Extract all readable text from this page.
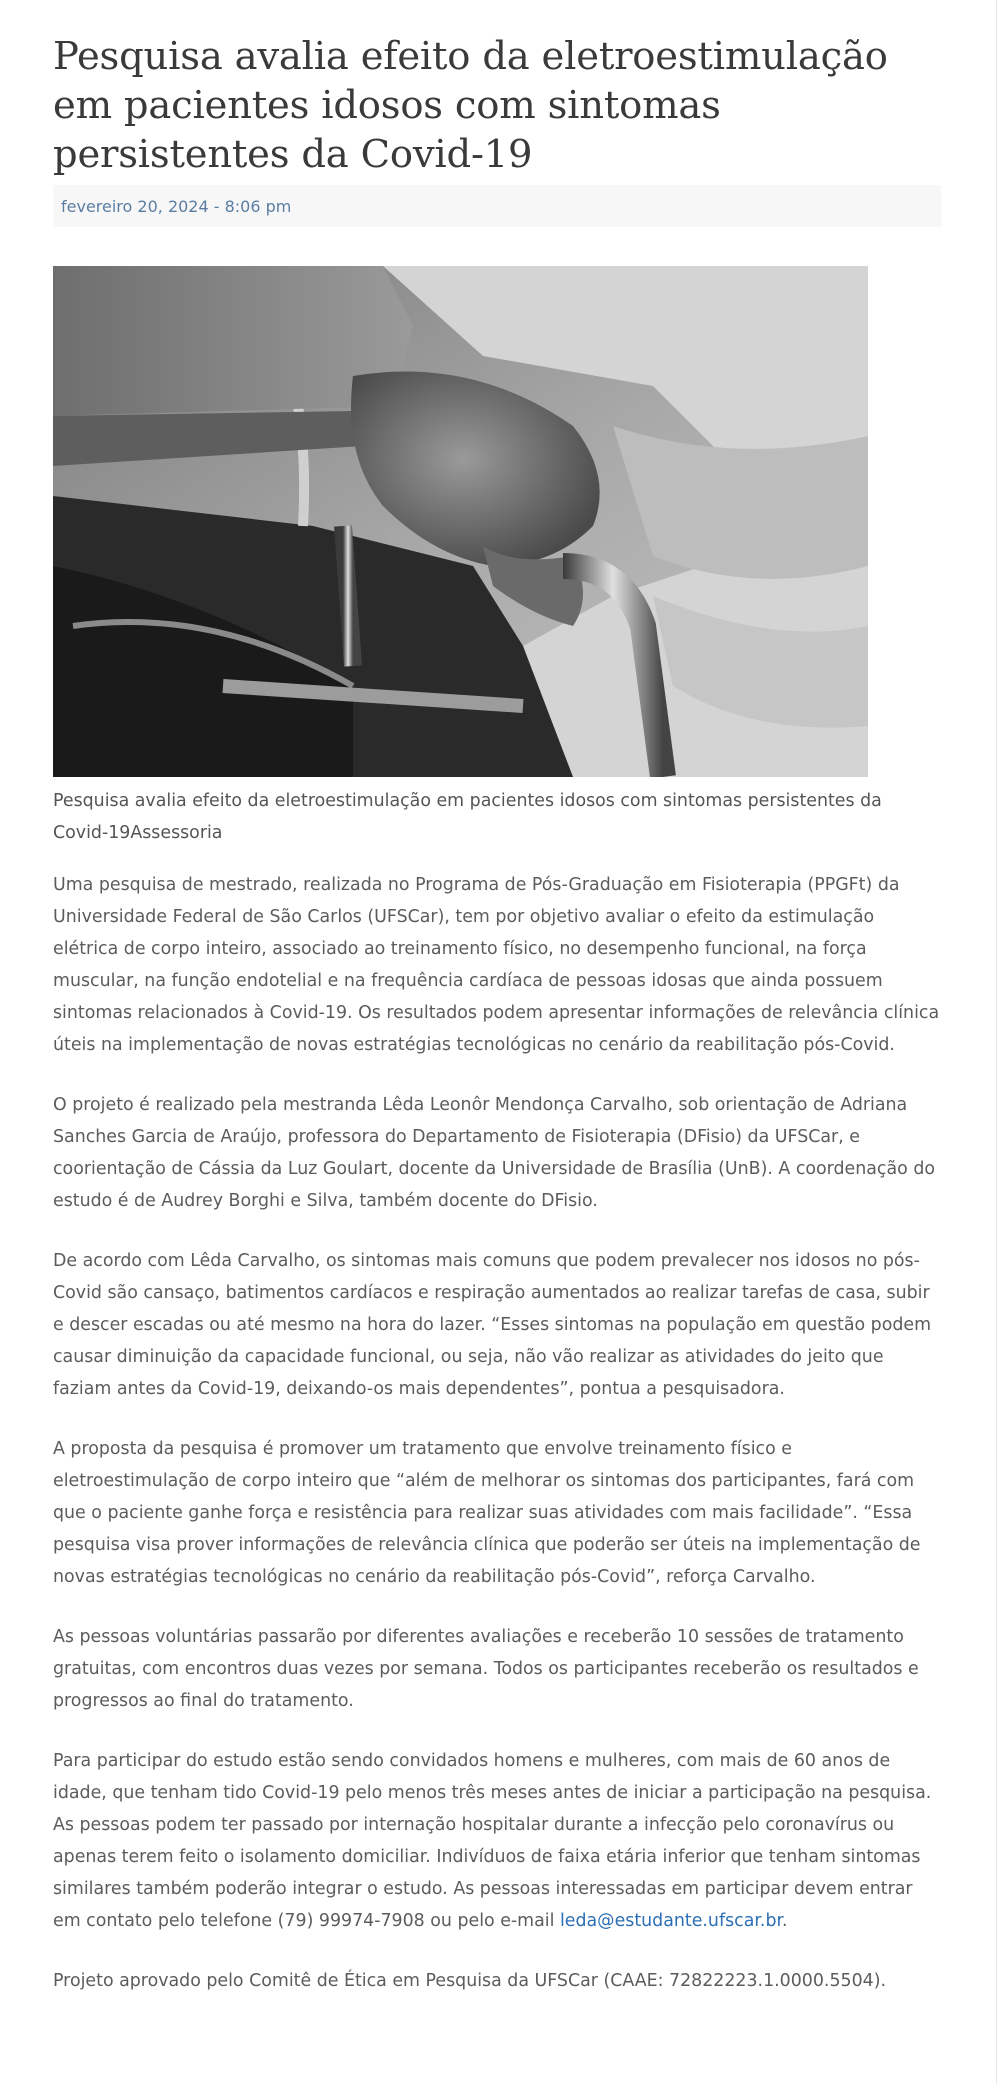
Pesquisa avalia efeito da eletroestimulação em pacientes idosos com sintomas persistentes da Covid-19
fevereiro 20, 2024 - 8:06 pm

Pesquisa avalia efeito da eletroestimulação em pacientes idosos com sintomas persistentes da Covid-19Assessoria

Uma pesquisa de mestrado, realizada no Programa de Pós-Graduação em Fisioterapia (PPGFt) da Universidade Federal de São Carlos (UFSCar), tem por objetivo avaliar o efeito da estimulação elétrica de corpo inteiro, associado ao treinamento físico, no desempenho funcional, na força muscular, na função endotelial e na frequência cardíaca de pessoas idosas que ainda possuem sintomas relacionados à Covid-19. Os resultados podem apresentar informações de relevância clínica úteis na implementação de novas estratégias tecnológicas no cenário da reabilitação pós-Covid.

O projeto é realizado pela mestranda Lêda Leonôr Mendonça Carvalho, sob orientação de Adriana Sanches Garcia de Araújo, professora do Departamento de Fisioterapia (DFisio) da UFSCar, e coorientação de Cássia da Luz Goulart, docente da Universidade de Brasília (UnB). A coordenação do estudo é de Audrey Borghi e Silva, também docente do DFisio.

De acordo com Lêda Carvalho, os sintomas mais comuns que podem prevalecer nos idosos no pós-Covid são cansaço, batimentos cardíacos e respiração aumentados ao realizar tarefas de casa, subir e descer escadas ou até mesmo na hora do lazer. “Esses sintomas na população em questão podem causar diminuição da capacidade funcional, ou seja, não vão realizar as atividades do jeito que faziam antes da Covid-19, deixando-os mais dependentes”, pontua a pesquisadora.

A proposta da pesquisa é promover um tratamento que envolve treinamento físico e eletroestimulação de corpo inteiro que “além de melhorar os sintomas dos participantes, fará com que o paciente ganhe força e resistência para realizar suas atividades com mais facilidade”. “Essa pesquisa visa prover informações de relevância clínica que poderão ser úteis na implementação de novas estratégias tecnológicas no cenário da reabilitação pós-Covid”, reforça Carvalho.

As pessoas voluntárias passarão por diferentes avaliações e receberão 10 sessões de tratamento gratuitas, com encontros duas vezes por semana. Todos os participantes receberão os resultados e progressos ao final do tratamento.

Para participar do estudo estão sendo convidados homens e mulheres, com mais de 60 anos de idade, que tenham tido Covid-19 pelo menos três meses antes de iniciar a participação na pesquisa. As pessoas podem ter passado por internação hospitalar durante a infecção pelo coronavírus ou apenas terem feito o isolamento domiciliar. Indivíduos de faixa etária inferior que tenham sintomas similares também poderão integrar o estudo. As pessoas interessadas em participar devem entrar em contato pelo telefone (79) 99974-7908 ou pelo e-mail leda@estudante.ufscar.br.

Projeto aprovado pelo Comitê de Ética em Pesquisa da UFSCar (CAAE: 72822223.1.0000.5504).
